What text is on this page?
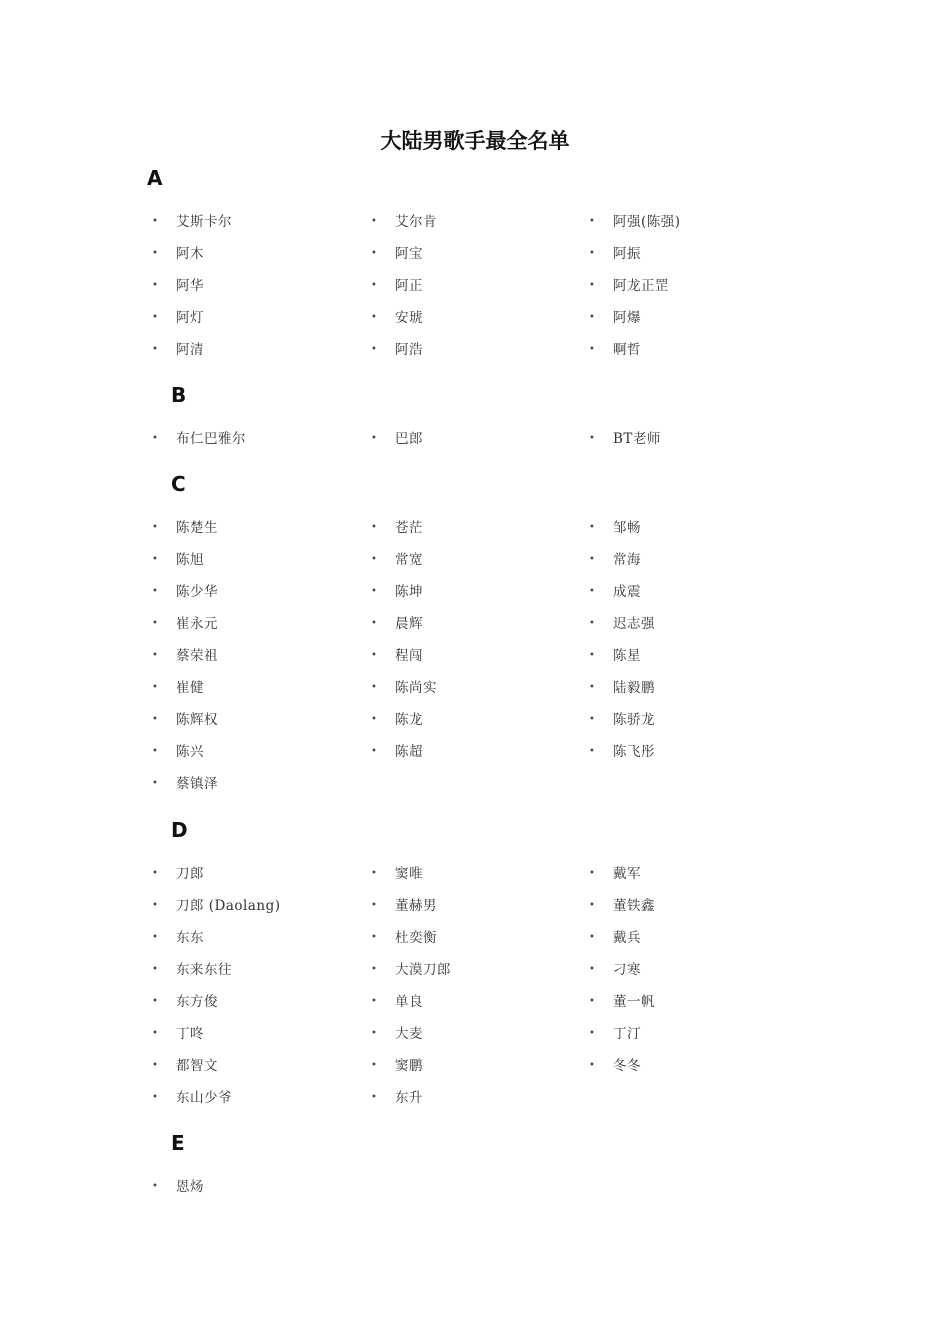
大陆男歌手最全名单
A
• 艾斯卡尔	• 艾尔肯	• 阿强(陈强)
• 阿木	• 阿宝	• 阿振
• 阿华	• 阿正	• 阿龙正罡
• 阿灯	• 安琥	• 阿爆
• 阿清	• 阿浩	• 啊哲
B
• 布仁巴雅尔	• 巴郎	• BT老师
C
• 陈楚生	• 苍茫	• 邹畅
• 陈旭	• 常宽	• 常海
• 陈少华	• 陈坤	• 成震
• 崔永元	• 晨辉	• 迟志强
• 蔡荣祖	• 程闯	• 陈星
• 崔健	• 陈尚实	• 陆毅鹏
• 陈辉权	• 陈龙	• 陈骄龙
• 陈兴	• 陈超	• 陈飞彤
• 蔡镇泽
D
• 刀郎	• 窦唯	• 戴军
• 刀郎 (Daolang)	• 董赫男	• 董铁鑫
• 东东	• 杜奕衡	• 戴兵
• 东来东往	• 大漠刀郎	• 刁寒
• 东方俊	• 单良	• 董一帆
• 丁咚	• 大麦	• 丁汀
• 都智文	• 窦鹏	• 冬冬
• 东山少爷	• 东升
E
• 恩炀
